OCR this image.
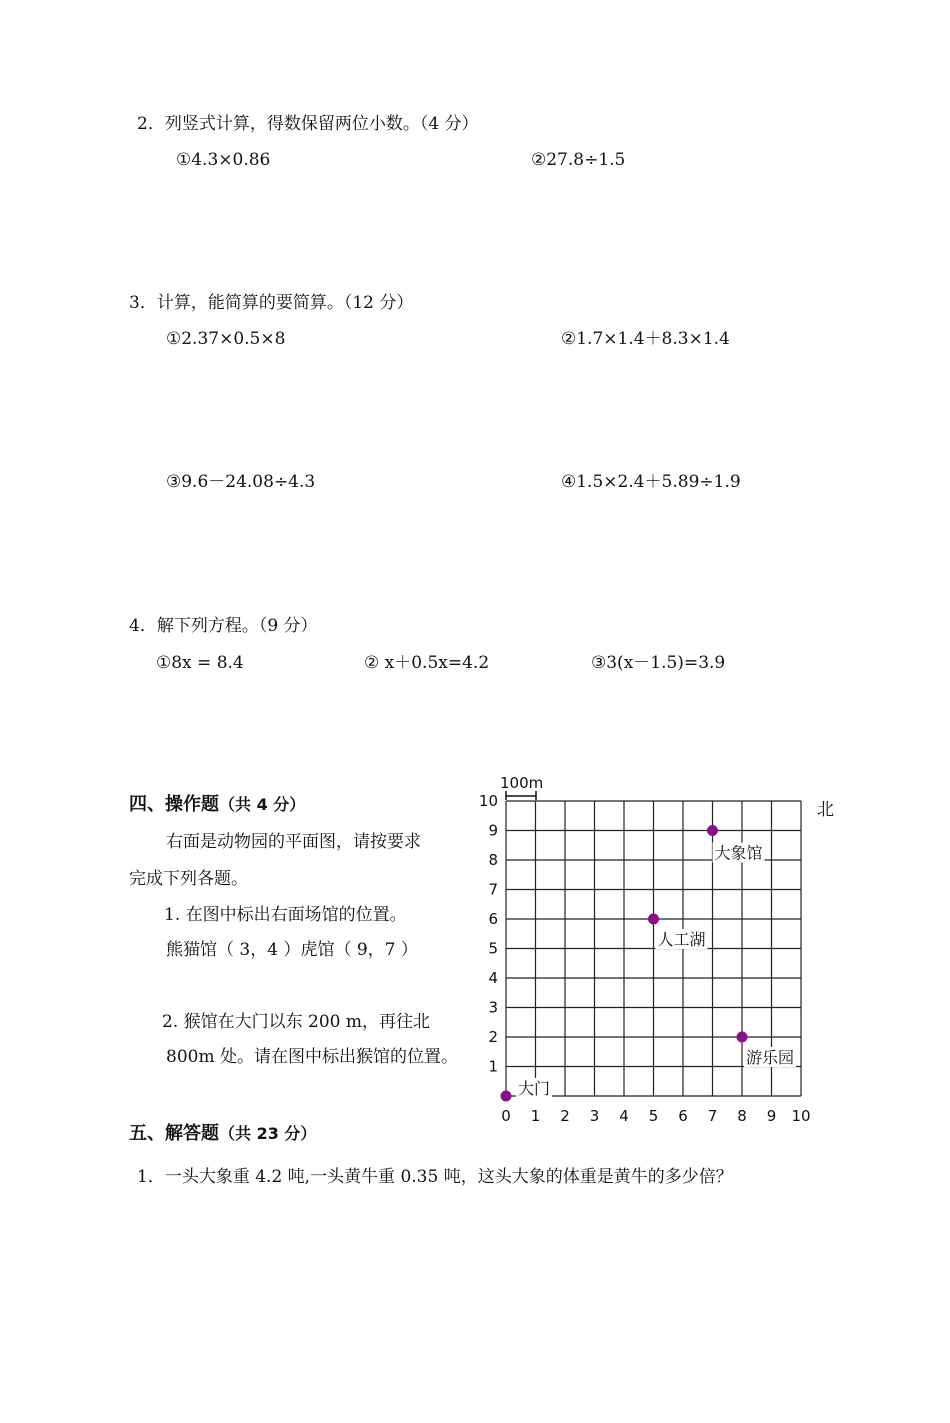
2．列竖式计算，得数保留两位小数。（4 分）
①4.3×0.86	②27.8÷1.5
3．计算，能简算的要简算。（12 分）
①2.37×0.5×8	②1.7×1.4＋8.3×1.4
③9.6－24.08÷4.3	④1.5×2.4＋5.89÷1.9
4．解下列方程。（9 分）
①8x = 8.4	② x＋0.5x=4.2	③3(x－1.5)=3.9
四、操作题（共 4 分）
右面是动物园的平面图，请按要求
完成下列各题。
1. 在图中标出右面场馆的位置。
熊猫馆（ 3，4 ）虎馆（ 9，7 ）
2. 猴馆在大门以东 200 m，再往北
800m 处。请在图中标出猴馆的位置。
0 1 2 3 4 5 6 7 8 9 10
1
2
3
4
5
6
7
8
9
10
大门
人工湖
大象馆
游乐园
100m
北
五、解答题（共 23 分）
1．一头大象重 4.2 吨,一头黄牛重 0.35 吨，这头大象的体重是黄牛的多少倍？
